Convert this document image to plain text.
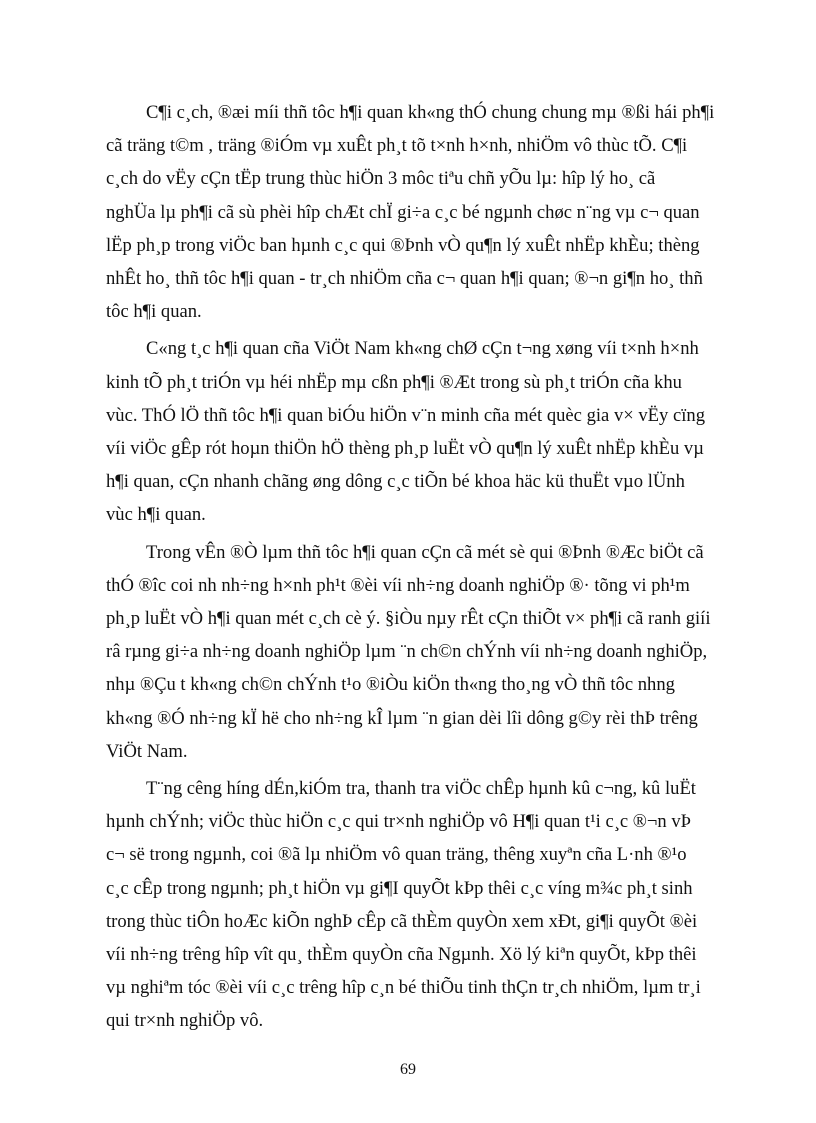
C¶i c¸ch, ®æi míi thñ tôc h¶i quan kh«ng thÓ chung chung mµ ®ßi hái ph¶i
cã träng t©m , träng ®iÓm vµ xuÊt ph¸t tõ t×nh h×nh, nhiÖm vô thùc tÕ. C¶i
c¸ch do vËy cÇn tËp trung thùc hiÖn 3 môc tiªu chñ yÕu lµ: hîp lý ho¸ cã
nghÜa lµ ph¶i cã sù phèi hîp chÆt chÏ gi÷a c¸c bé ngµnh chøc n¨ng vµ c¬ quan
lËp ph¸p trong viÖc ban hµnh c¸c qui ®Þnh vÒ qu¶n lý xuÊt nhËp khÈu; thèng
nhÊt ho¸ thñ tôc h¶i quan - tr¸ch nhiÖm cña c¬ quan h¶i quan; ®¬n gi¶n ho¸ thñ
tôc h¶i quan.

C«ng t¸c h¶i quan cña ViÖt Nam kh«ng chØ cÇn t¬ng xøng víi t×nh h×nh
kinh tÕ ph¸t triÓn vµ héi nhËp mµ cßn ph¶i ®Æt trong sù ph¸t triÓn cña khu
vùc. ThÓ lÖ thñ tôc h¶i quan biÓu hiÖn v¨n minh cña mét quèc gia v× vËy cïng
víi viÖc gÊp rót hoµn thiÖn hÖ thèng ph¸p luËt vÒ qu¶n lý xuÊt nhËp khÈu vµ
h¶i quan, cÇn nhanh chãng øng dông c¸c tiÕn bé khoa häc kü thuËt vµo lÜnh
vùc h¶i quan.

Trong vÊn ®Ò lµm thñ tôc h¶i quan cÇn cã mét sè qui ®Þnh ®Æc biÖt cã
thÓ ®îc coi nh nh÷ng h×nh ph¹t ®èi víi nh÷ng doanh nghiÖp ®· tõng vi ph¹m
ph¸p luËt vÒ h¶i quan mét c¸ch cè ý. §iÒu nµy rÊt cÇn thiÕt v× ph¶i cã ranh giíi
râ rµng gi÷a nh÷ng doanh nghiÖp lµm ¨n ch©n chÝnh víi nh÷ng doanh nghiÖp,
nhµ ®Çu t kh«ng ch©n chÝnh t¹o ®iÒu kiÖn th«ng tho¸ng vÒ thñ tôc nhng
kh«ng ®Ó nh÷ng kÏ hë cho nh÷ng kÎ lµm ¨n gian dèi lîi dông g©y rèi thÞ trêng
ViÖt Nam.

T¨ng cêng híng dÉn,kiÓm tra, thanh tra viÖc chÊp hµnh kû c¬ng, kû luËt
hµnh chÝnh; viÖc thùc hiÖn c¸c qui tr×nh nghiÖp vô H¶i quan t¹i c¸c ®¬n vÞ
c¬ së trong ngµnh, coi ®ã lµ nhiÖm vô quan träng, thêng xuyªn cña L·nh ®¹o
c¸c cÊp trong ngµnh; ph¸t hiÖn vµ gi¶I quyÕt kÞp thêi c¸c víng m¾c ph¸t sinh
trong thùc tiÔn hoÆc kiÕn nghÞ cÊp cã thÈm quyÒn xem xÐt, gi¶i quyÕt ®èi
víi nh÷ng trêng hîp vît qu¸ thÈm quyÒn cña Ngµnh. Xö lý kiªn quyÕt, kÞp thêi
vµ nghiªm tóc ®èi víi c¸c trêng hîp c¸n bé thiÕu tinh thÇn tr¸ch nhiÖm, lµm tr¸i
qui tr×nh nghiÖp vô.

69
